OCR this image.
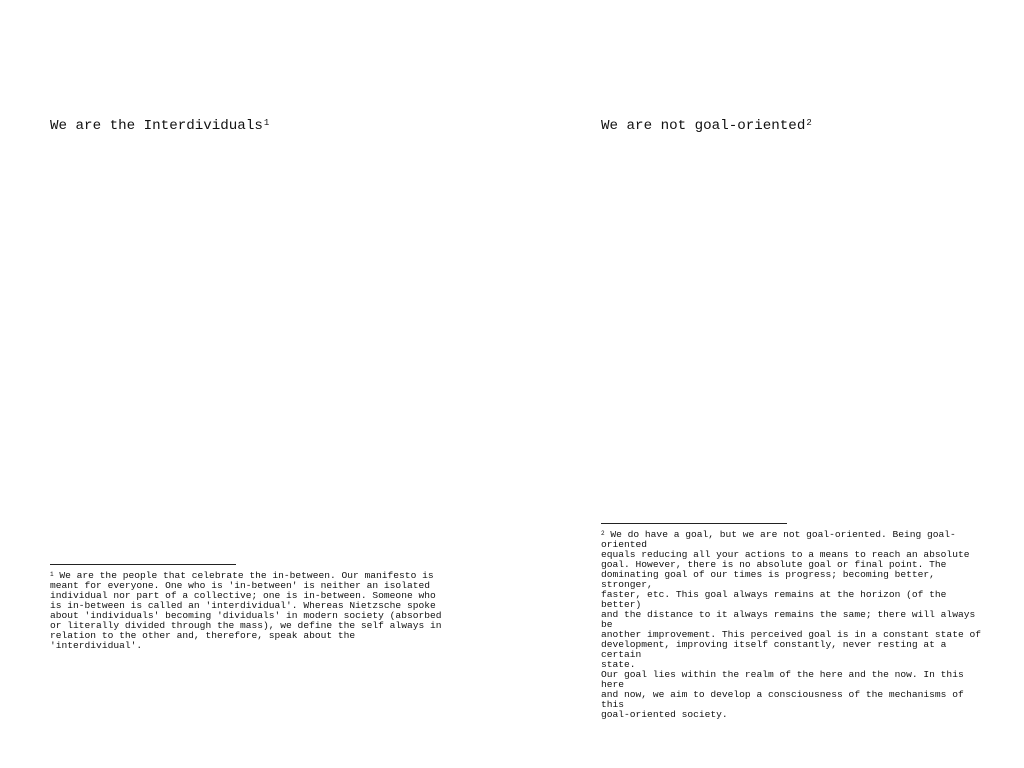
We are the Interdividuals$^1$

$^1$ We are the people that celebrate the in-between. Our manifesto is
meant for everyone. One who is 'in-between' is neither an isolated
individual nor part of a collective; one is in-between. Someone who
is in-between is called an 'interdividual'. Whereas Nietzsche spoke
about 'individuals' becoming 'dividuals' in modern society (absorbed
or literally divided through the mass), we define the self always in
relation to the other and, therefore, speak about the
'interdividual'.

We are not goal-oriented$^2$

$^2$ We do have a goal, but we are not goal-oriented. Being goal-oriented
equals reducing all your actions to a means to reach an absolute
goal. However, there is no absolute goal or final point. The
dominating goal of our times is progress; becoming better, stronger,
faster, etc. This goal always remains at the horizon (of the better)
and the distance to it always remains the same; there will always be
another improvement. This perceived goal is in a constant state of
development, improving itself constantly, never resting at a certain
state.
Our goal lies within the realm of the here and the now. In this here
and now, we aim to develop a consciousness of the mechanisms of this
goal-oriented society.
